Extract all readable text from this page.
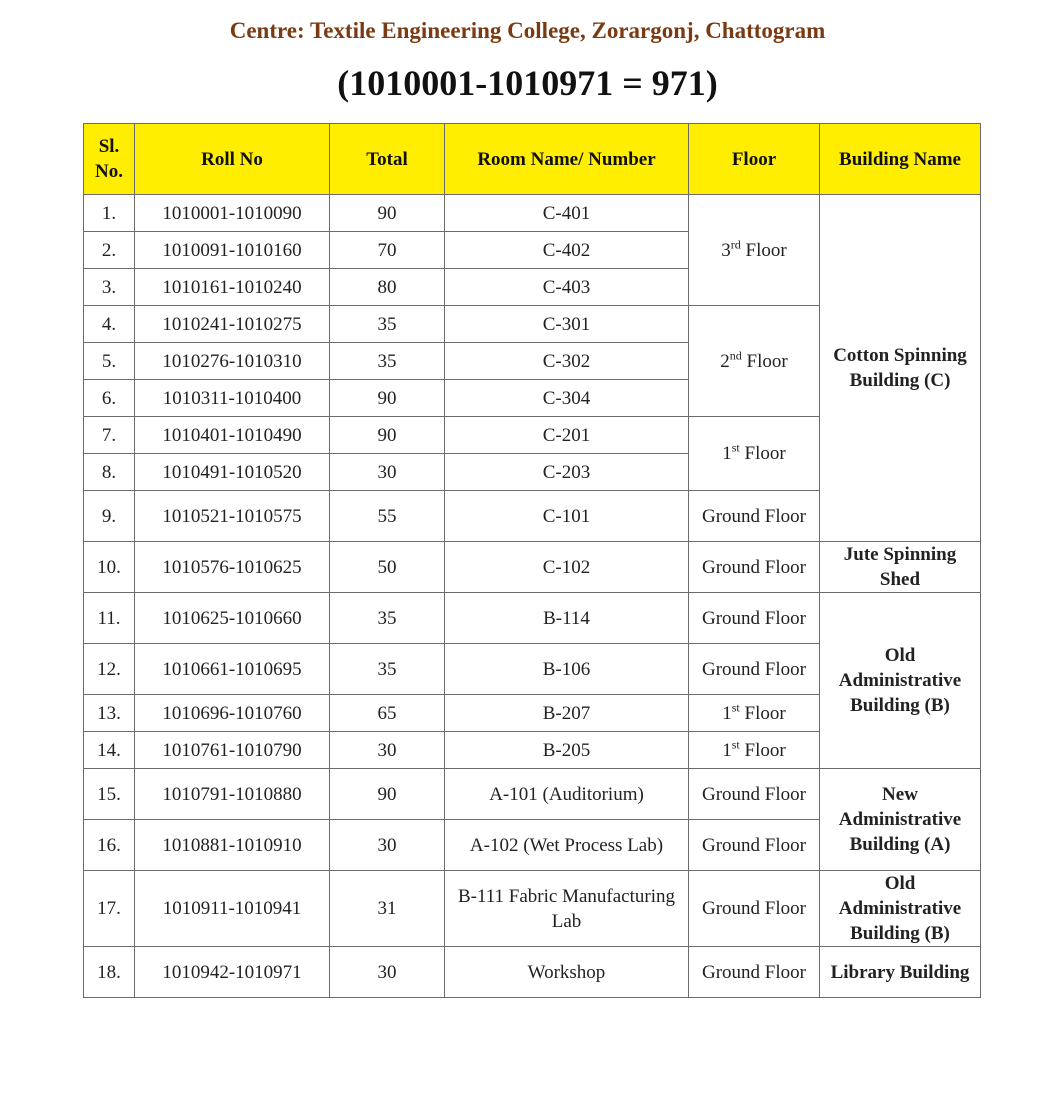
Centre: Textile Engineering College, Zorargonj, Chattogram
(1010001-1010971 = 971)
Sl. No.	Roll No	Total	Room Name/ Number	Floor	Building Name
1.	1010001-1010090	90	C-401	3rd Floor	Cotton Spinning Building (C)
2.	1010091-1010160	70	C-402		
3.	1010161-1010240	80	C-403		
4.	1010241-1010275	35	C-301	2nd Floor	
5.	1010276-1010310	35	C-302		
6.	1010311-1010400	90	C-304		
7.	1010401-1010490	90	C-201	1st Floor	
8.	1010491-1010520	30	C-203		
9.	1010521-1010575	55	C-101	Ground Floor	
10.	1010576-1010625	50	C-102	Ground Floor	Jute Spinning Shed
11.	1010625-1010660	35	B-114	Ground Floor	Old Administrative Building (B)
12.	1010661-1010695	35	B-106	Ground Floor	
13.	1010696-1010760	65	B-207	1st Floor	
14.	1010761-1010790	30	B-205	1st Floor	
15.	1010791-1010880	90	A-101 (Auditorium)	Ground Floor	New Administrative Building (A)
16.	1010881-1010910	30	A-102 (Wet Process Lab)	Ground Floor	
17.	1010911-1010941	31	B-111 Fabric Manufacturing Lab	Ground Floor	Old Administrative Building (B)
18.	1010942-1010971	30	Workshop	Ground Floor	Library Building
